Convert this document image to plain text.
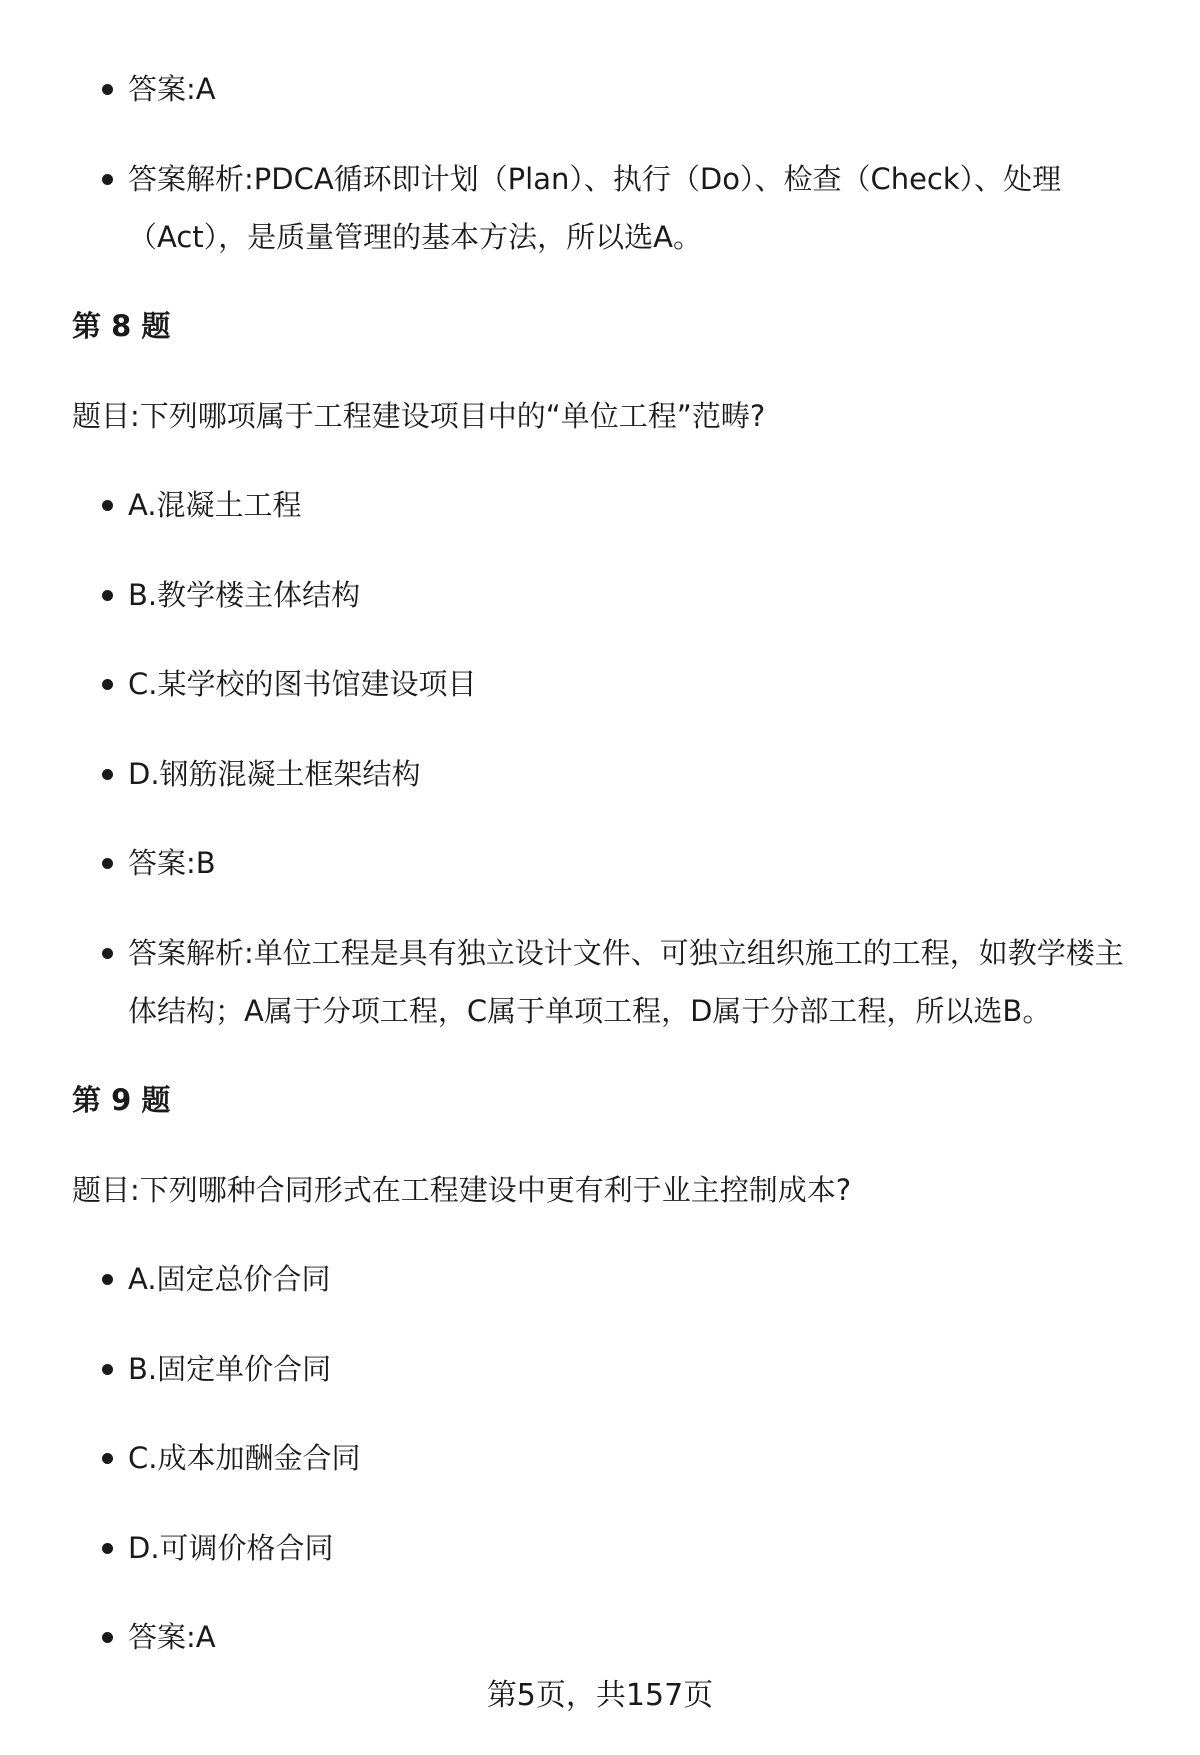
答案:A
答案解析:PDCA循环即计划（Plan）、执行（Do）、检查（Check）、处理（Act），是质量管理的基本方法，所以选A。
第 8 题
题目:下列哪项属于工程建设项目中的“单位工程”范畴?
A.混凝土工程
B.教学楼主体结构
C.某学校的图书馆建设项目
D.钢筋混凝土框架结构
答案:B
答案解析:单位工程是具有独立设计文件、可独立组织施工的工程，如教学楼主体结构；A属于分项工程，C属于单项工程，D属于分部工程，所以选B。
第 9 题
题目:下列哪种合同形式在工程建设中更有利于业主控制成本?
A.固定总价合同
B.固定单价合同
C.成本加酬金合同
D.可调价格合同
答案:A
第5页，共157页
